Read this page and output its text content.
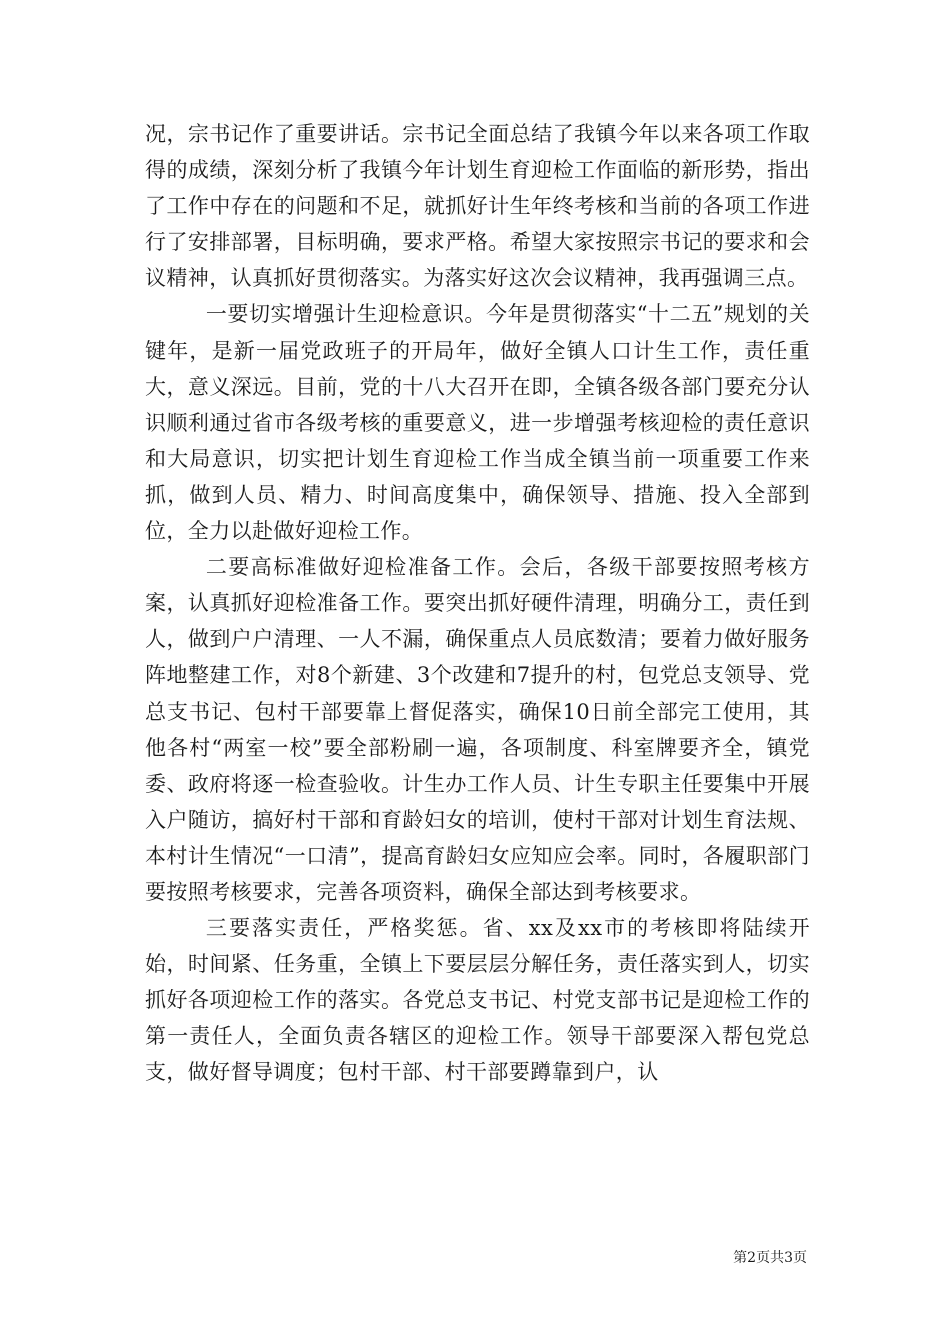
况，宗书记作了重要讲话。宗书记全面总结了我镇今年以来各项工作取得的成绩，深刻分析了我镇今年计划生育迎检工作面临的新形势，指出了工作中存在的问题和不足，就抓好计生年终考核和当前的各项工作进行了安排部署，目标明确，要求严格。希望大家按照宗书记的要求和会议精神，认真抓好贯彻落实。为落实好这次会议精神，我再强调三点。

一要切实增强计生迎检意识。今年是贯彻落实“十二五”规划的关键年，是新一届党政班子的开局年，做好全镇人口计生工作，责任重大，意义深远。目前，党的十八大召开在即，全镇各级各部门要充分认识顺利通过省市各级考核的重要意义，进一步增强考核迎检的责任意识和大局意识，切实把计划生育迎检工作当成全镇当前一项重要工作来抓，做到人员、精力、时间高度集中，确保领导、措施、投入全部到位，全力以赴做好迎检工作。

二要高标准做好迎检准备工作。会后，各级干部要按照考核方案，认真抓好迎检准备工作。要突出抓好硬件清理，明确分工，责任到人，做到户户清理、一人不漏，确保重点人员底数清；要着力做好服务阵地整建工作，对8个新建、3个改建和7提升的村，包党总支领导、党总支书记、包村干部要靠上督促落实，确保10日前全部完工使用，其他各村“两室一校”要全部粉刷一遍，各项制度、科室牌要齐全，镇党委、政府将逐一检查验收。计生办工作人员、计生专职主任要集中开展入户随访，搞好村干部和育龄妇女的培训，使村干部对计划生育法规、本村计生情况“一口清”，提高育龄妇女应知应会率。同时，各履职部门要按照考核要求，完善各项资料，确保全部达到考核要求。

三要落实责任，严格奖惩。省、xx及xx市的考核即将陆续开始，时间紧、任务重，全镇上下要层层分解任务，责任落实到人，切实抓好各项迎检工作的落实。各党总支书记、村党支部书记是迎检工作的第一责任人，全面负责各辖区的迎检工作。领导干部要深入帮包党总支，做好督导调度；包村干部、村干部要蹲靠到户，认

第2页共3页
